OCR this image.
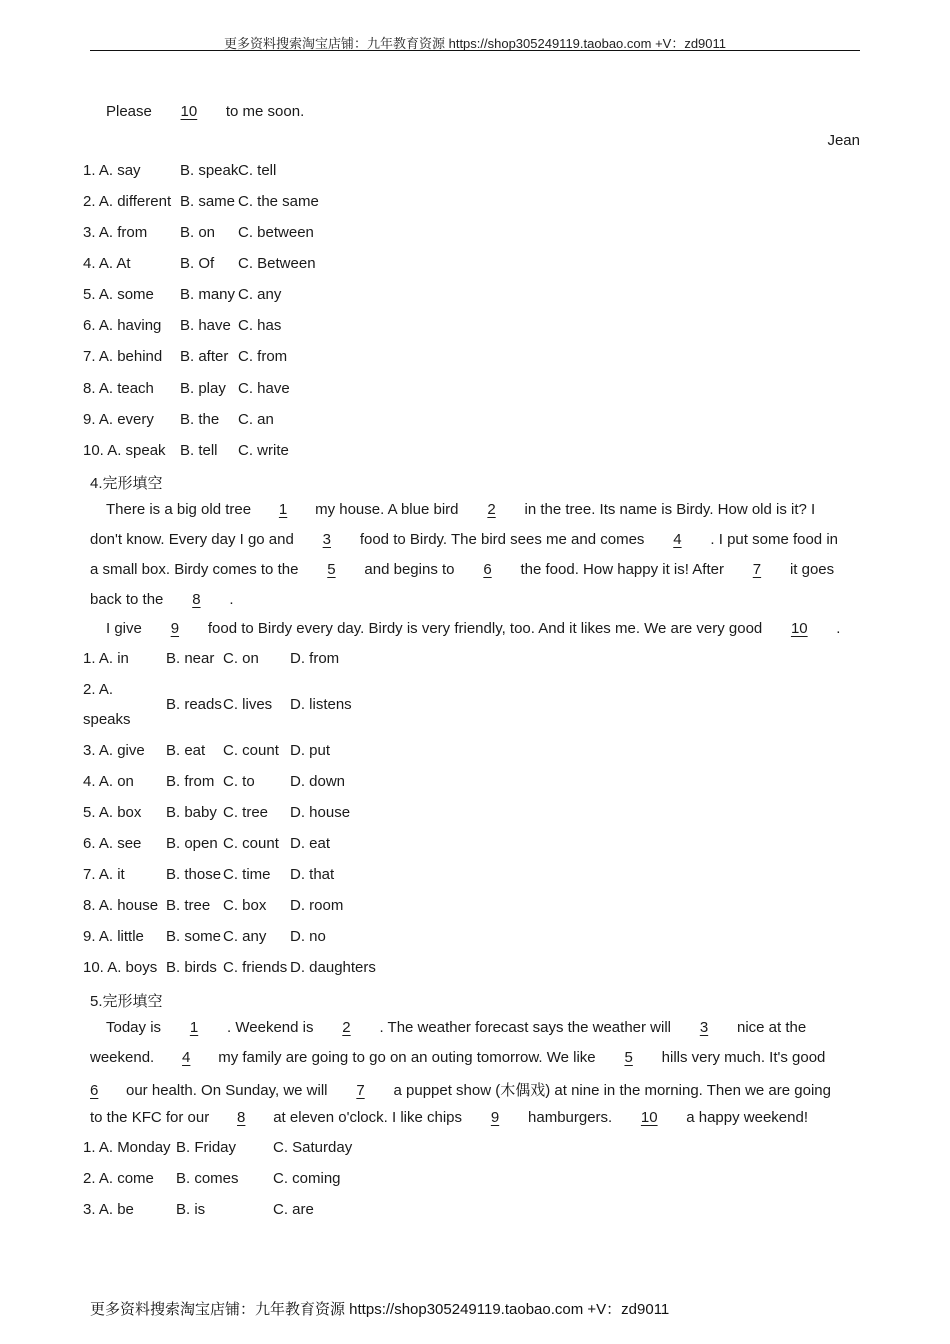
更多资料搜索淘宝店铺：九年教育资源 https://shop305249119.taobao.com +V：zd9011
Please 10 to me soon.
Jean
1. A. say	B. speak C. tell
2. A. different B. same C. the same
3. A. from B. on C. between
4. A. At	B. Of C. Between
5. A. some B. many C. any
6. A. having B. have C. has
7. A. behind B. after C. from
8. A. teach B. play C. have
9. A. every B. the C. an
10. A. speak B. tell C. write
4.完形填空
There is a big old tree 1 my house. A blue bird 2 in the tree. Its name is Birdy. How old is it? I
don't know. Every day I go and 3 food to Birdy. The bird sees me and comes 4 . I put some food in
a small box. Birdy comes to the 5 and begins to 6 the food. How happy it is! After 7 it goes
back to the 8 .
I give 9 food to Birdy every day. Birdy is very friendly, too. And it likes me. We are very good 10 .
1. A. in B. near C. on D. from
2. A.
speaks
B. reads C. lives D. listens
3. A. give B. eat C. count D. put
4. A. on B. from C. to D. down
5. A. box B. baby C. tree D. house
6. A. see B. open C. count D. eat
7. A. it	B. those C. time D. that
8. A. house B. tree C. box D. room
9. A. little B. some C. any D. no
10. A. boys B. birds C. friends D. daughters
5.完形填空
Today is 1 . Weekend is 2 . The weather forecast says the weather will 3 nice at the
weekend. 4 my family are going to go on an outing tomorrow. We like 5 hills very much. It's good
6 our health. On Sunday, we will 7 a puppet show (木偶戏) at nine in the morning. Then we are going
to the KFC for our 8 at eleven o'clock. I like chips 9 hamburgers. 10 a happy weekend!
1. A. Monday B. Friday C. Saturday
2. A. come B. comes C. coming
3. A. be	B. is	C. are
更多资料搜索淘宝店铺：九年教育资源 https://shop305249119.taobao.com +V：zd9011
